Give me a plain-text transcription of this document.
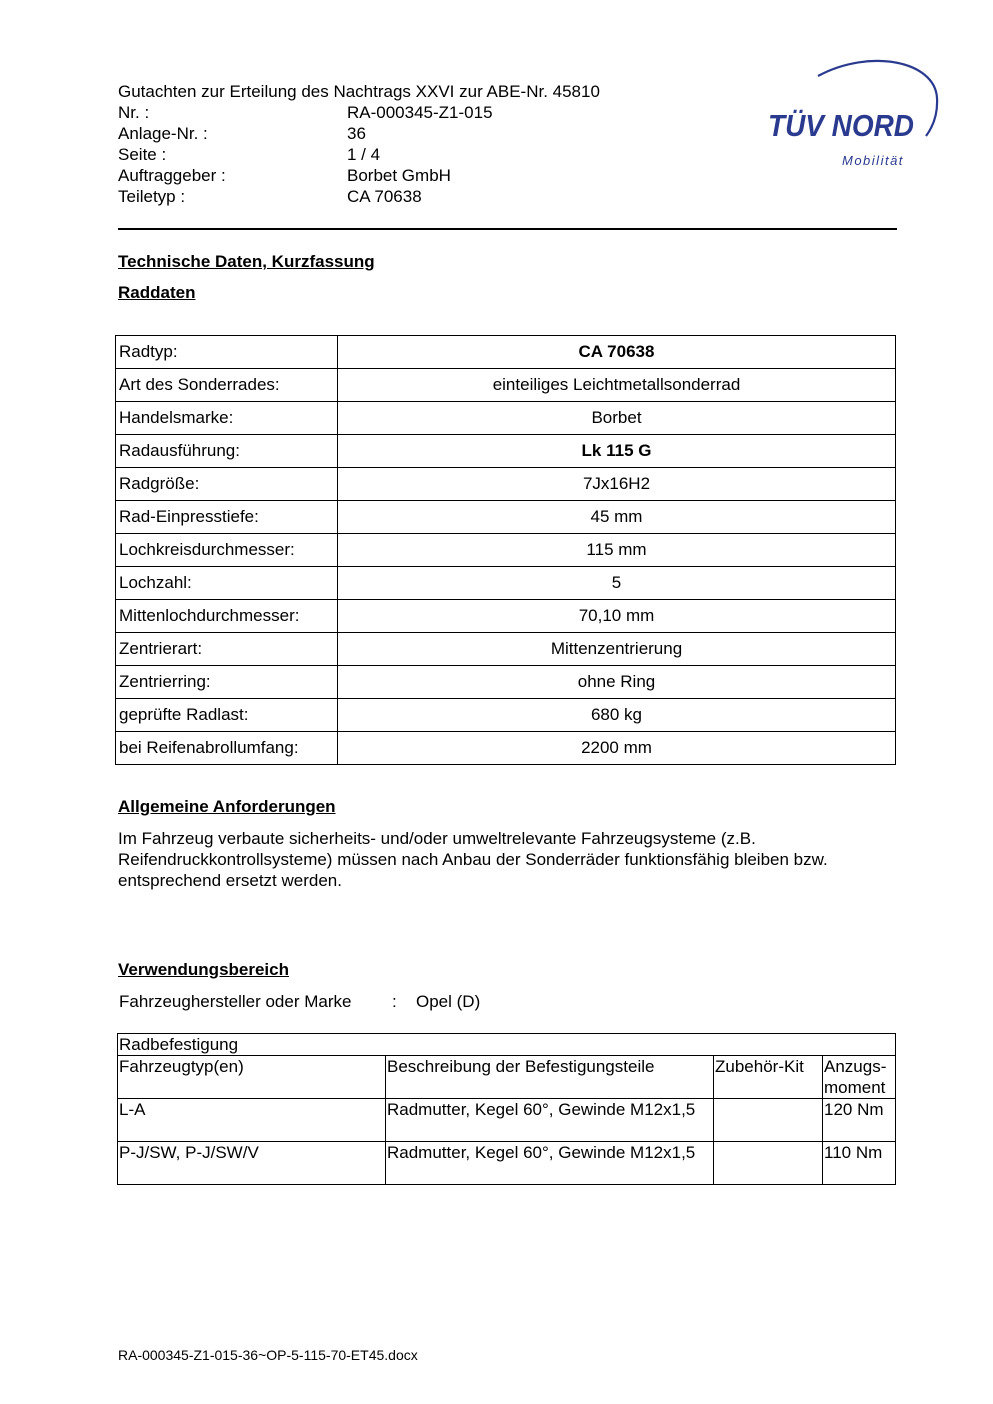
Gutachten zur Erteilung des Nachtrags XXVI zur ABE-Nr. 45810
Nr. :	RA-000345-Z1-015
Anlage-Nr. :	36
Seite :	1 / 4
Auftraggeber :	Borbet GmbH
Teiletyp :	CA 70638
TÜV NORD
Mobilität
Technische Daten, Kurzfassung
Raddaten
Radtyp:	CA 70638
Art des Sonderrades:	einteiliges Leichtmetallsonderrad
Handelsmarke:	Borbet
Radausführung:	Lk 115 G
Radgröße:	7Jx16H2
Rad-Einpresstiefe:	45 mm
Lochkreisdurchmesser:	115 mm
Lochzahl:	5
Mittenlochdurchmesser:	70,10 mm
Zentrierart:	Mittenzentrierung
Zentrierring:	ohne Ring
geprüfte Radlast:	680 kg
bei Reifenabrollumfang:	2200 mm
Allgemeine Anforderungen
Im Fahrzeug verbaute sicherheits- und/oder umweltrelevante Fahrzeugsysteme (z.B. Reifendruckkontrollsysteme) müssen nach Anbau der Sonderräder funktionsfähig bleiben bzw. entsprechend ersetzt werden.
Verwendungsbereich
Fahrzeughersteller oder Marke : Opel (D)
Radbefestigung			
Fahrzeugtyp(en)	Beschreibung der Befestigungsteile	Zubehör-Kit	Anzugs- moment
L-A	Radmutter, Kegel 60°, Gewinde M12x1,5		120 Nm
P-J/SW, P-J/SW/V	Radmutter, Kegel 60°, Gewinde M12x1,5		110 Nm
RA-000345-Z1-015-36~OP-5-115-70-ET45.docx
